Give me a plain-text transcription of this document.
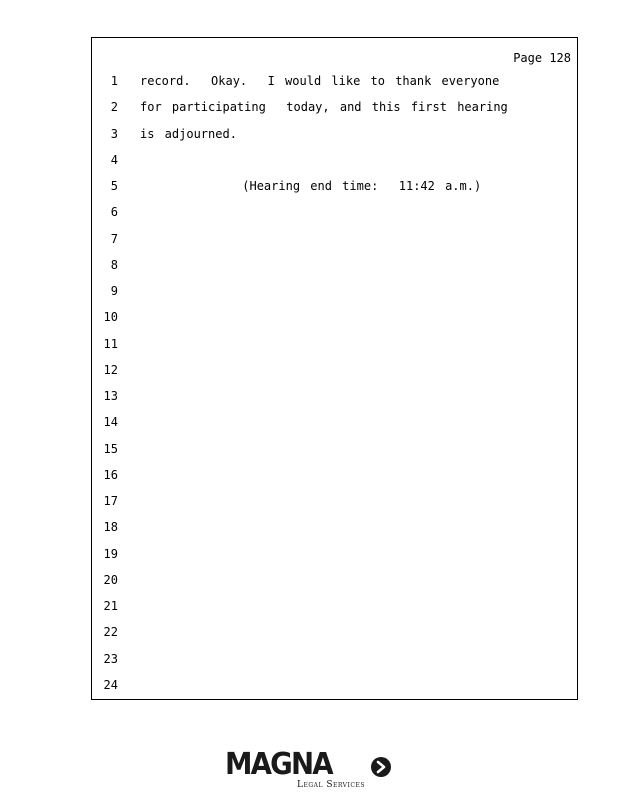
Page 128
1 record.  Okay.  I would like to thank everyone
2 for participating  today, and this first hearing
3 is adjourned.
4
5 (Hearing end time:  11:42 a.m.)
6
7
8
9
10
11
12
13
14
15
16
17
18
19
20
21
22
23
24
MAGNA
Legal Services
